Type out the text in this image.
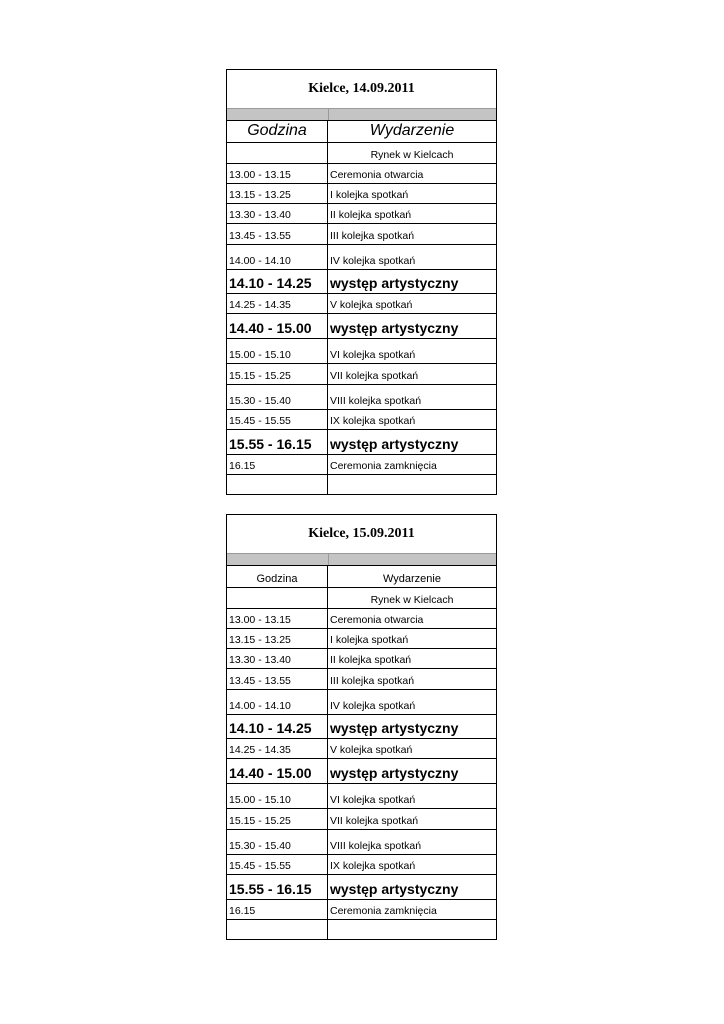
Kielce, 14.09.2011
Godzina	Wydarzenie
Rynek w Kielcach
13.00 - 13.15	Ceremonia otwarcia
13.15 - 13.25	I kolejka spotkań
13.30 - 13.40	II kolejka spotkań
13.45 - 13.55	III kolejka spotkań
14.00 - 14.10	IV kolejka spotkań
14.10 - 14.25	występ artystyczny
14.25 - 14.35	V kolejka spotkań
14.40 - 15.00	występ artystyczny
15.00 - 15.10	VI kolejka spotkań
15.15 - 15.25	VII kolejka spotkań
15.30 - 15.40	VIII kolejka spotkań
15.45 - 15.55	IX kolejka spotkań
15.55 - 16.15	występ artystyczny
16.15	Ceremonia zamknięcia
Kielce, 15.09.2011
Godzina	Wydarzenie
Rynek w Kielcach
13.00 - 13.15	Ceremonia otwarcia
13.15 - 13.25	I kolejka spotkań
13.30 - 13.40	II kolejka spotkań
13.45 - 13.55	III kolejka spotkań
14.00 - 14.10	IV kolejka spotkań
14.10 - 14.25	występ artystyczny
14.25 - 14.35	V kolejka spotkań
14.40 - 15.00	występ artystyczny
15.00 - 15.10	VI kolejka spotkań
15.15 - 15.25	VII kolejka spotkań
15.30 - 15.40	VIII kolejka spotkań
15.45 - 15.55	IX kolejka spotkań
15.55 - 16.15	występ artystyczny
16.15	Ceremonia zamknięcia
